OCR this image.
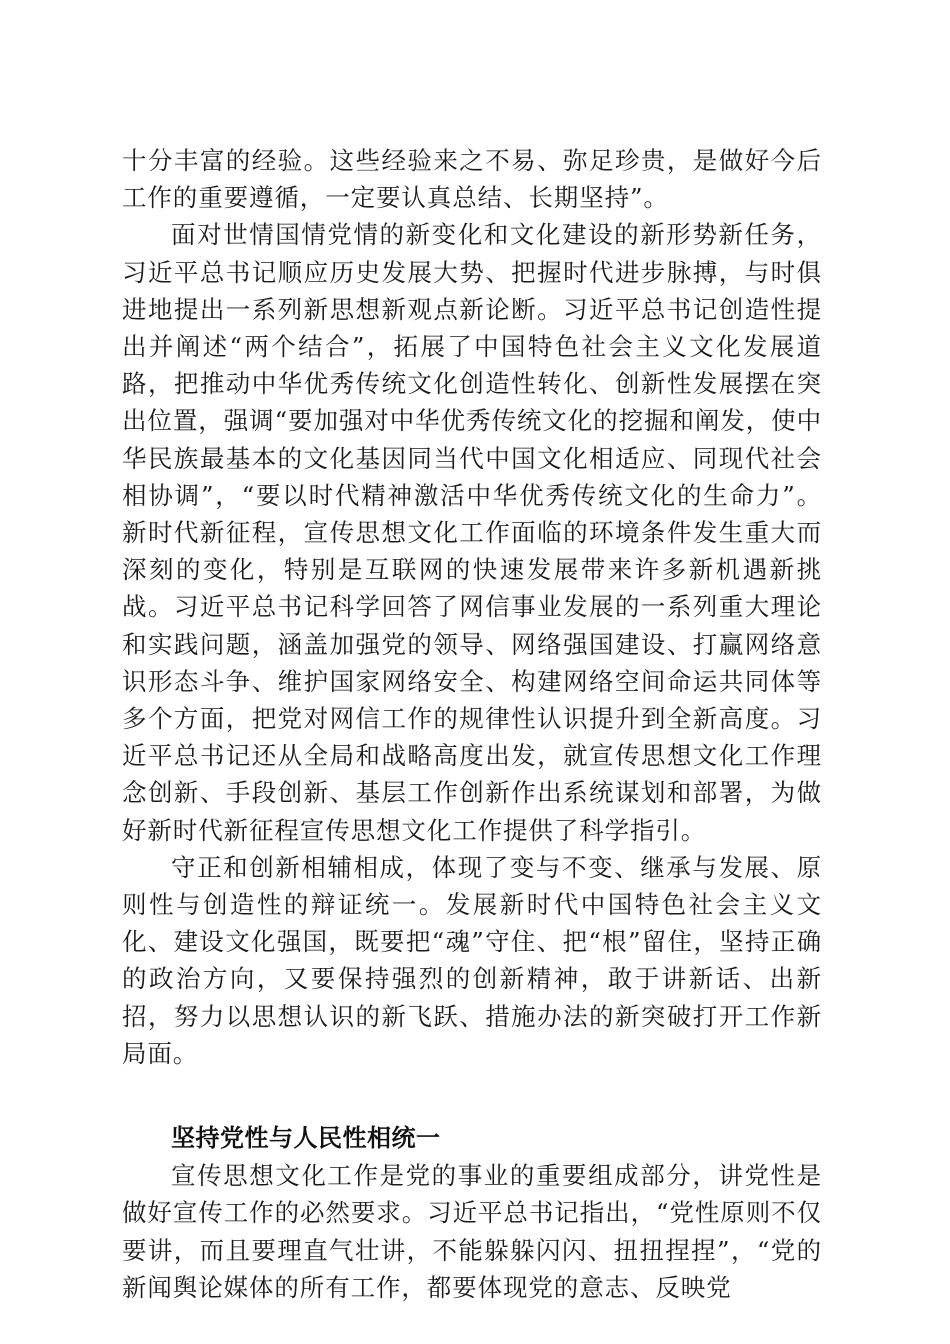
十分丰富的经验。这些经验来之不易、弥足珍贵，是做好今后工作的重要遵循，一定要认真总结、长期坚持”。

面对世情国情党情的新变化和文化建设的新形势新任务，习近平总书记顺应历史发展大势、把握时代进步脉搏，与时俱进地提出一系列新思想新观点新论断。习近平总书记创造性提出并阐述“两个结合”，拓展了中国特色社会主义文化发展道路，把推动中华优秀传统文化创造性转化、创新性发展摆在突出位置，强调“要加强对中华优秀传统文化的挖掘和阐发，使中华民族最基本的文化基因同当代中国文化相适应、同现代社会相协调”，“要以时代精神激活中华优秀传统文化的生命力”。新时代新征程，宣传思想文化工作面临的环境条件发生重大而深刻的变化，特别是互联网的快速发展带来许多新机遇新挑战。习近平总书记科学回答了网信事业发展的一系列重大理论和实践问题，涵盖加强党的领导、网络强国建设、打赢网络意识形态斗争、维护国家网络安全、构建网络空间命运共同体等多个方面，把党对网信工作的规律性认识提升到全新高度。习近平总书记还从全局和战略高度出发，就宣传思想文化工作理念创新、手段创新、基层工作创新作出系统谋划和部署，为做好新时代新征程宣传思想文化工作提供了科学指引。

守正和创新相辅相成，体现了变与不变、继承与发展、原则性与创造性的辩证统一。发展新时代中国特色社会主义文化、建设文化强国，既要把“魂”守住、把“根”留住，坚持正确的政治方向，又要保持强烈的创新精神，敢于讲新话、出新招，努力以思想认识的新飞跃、措施办法的新突破打开工作新局面。

坚持党性与人民性相统一

宣传思想文化工作是党的事业的重要组成部分，讲党性是做好宣传工作的必然要求。习近平总书记指出，“党性原则不仅要讲，而且要理直气壮讲，不能躲躲闪闪、扭扭捏捏”，“党的新闻舆论媒体的所有工作，都要体现党的意志、反映党
